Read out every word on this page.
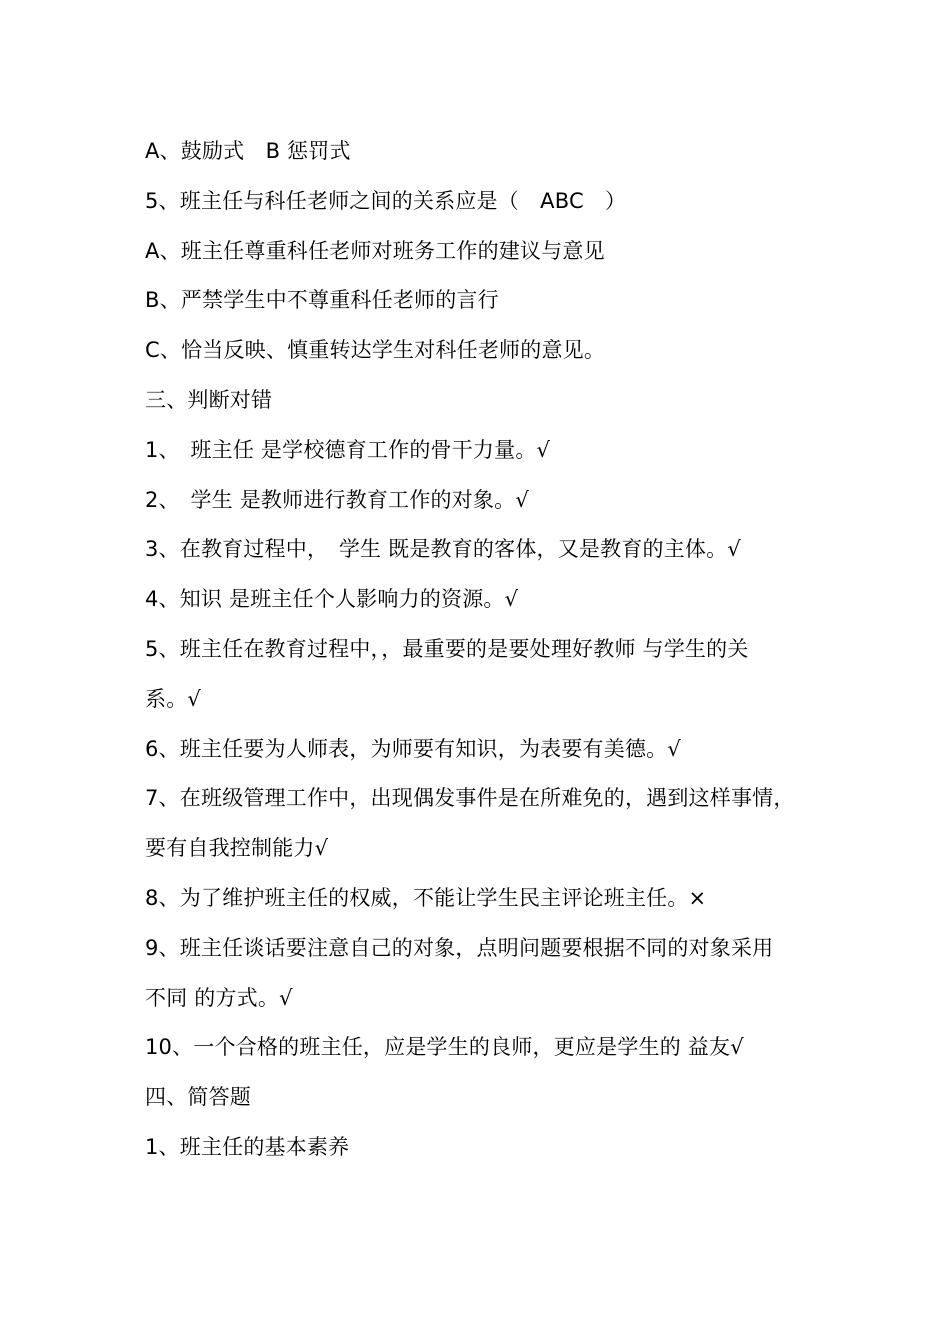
A、鼓励式　B 惩罚式
5、班主任与科任老师之间的关系应是（　ABC　）
A、班主任尊重科任老师对班务工作的建议与意见
B、严禁学生中不尊重科任老师的言行
C、恰当反映、慎重转达学生对科任老师的意见。
三、判断对错
1、　班主任 是学校德育工作的骨干力量。√
2、　学生 是教师进行教育工作的对象。√
3、在教育过程中，　学生 既是教育的客体，又是教育的主体。√
4、知识 是班主任个人影响力的资源。√
5、班主任在教育过程中，，最重要的是要处理好教师 与学生的关
系。√
6、班主任要为人师表，为师要有知识，为表要有美德。√
7、在班级管理工作中，出现偶发事件是在所难免的，遇到这样事情，
要有自我控制能力√
8、为了维护班主任的权威，不能让学生民主评论班主任。×
9、班主任谈话要注意自己的对象，点明问题要根据不同的对象采用
不同 的方式。√
10、一个合格的班主任，应是学生的良师，更应是学生的 益友√
四、简答题
1、班主任的基本素养
